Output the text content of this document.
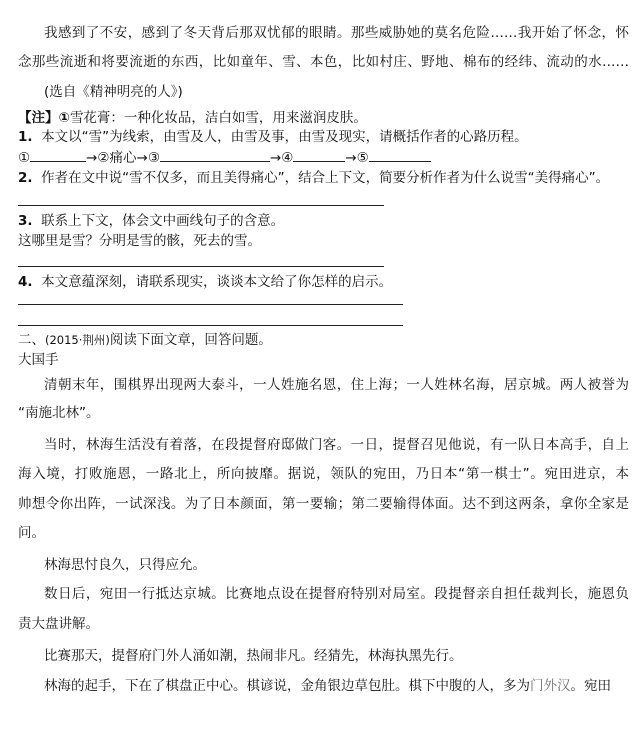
我感到了不安，感到了冬天背后那双忧郁的眼睛。那些威胁她的莫名危险……我开始了怀念，怀
念那些流逝和将要流逝的东西，比如童年、雪、本色，比如村庄、野地、棉布的经纬、流动的水……
(选自《精神明亮的人》)
【注】①雪花膏：一种化妆品，洁白如雪，用来滋润皮肤。
1. 本文以“雪”为线索，由雪及人，由雪及事，由雪及现实，请概括作者的心路历程。
①	→②痛心→③	→④	→⑤
2. 作者在文中说“雪不仅多，而且美得痛心”，结合上下文，简要分析作者为什么说雪“美得痛心”。
3. 联系上下文，体会文中画线句子的含意。
这哪里是雪？分明是雪的骸，死去的雪。
4. 本文意蕴深刻，请联系现实，谈谈本文给了你怎样的启示。
二、(2015·荆州)阅读下面文章，回答问题。
大国手
清朝末年，围棋界出现两大泰斗，一人姓施名恩，住上海；一人姓林名海，居京城。两人被誉为
“南施北林”。
当时，林海生活没有着落，在段提督府邸做门客。一日，提督召见他说，有一队日本高手，自上
海入境，打败施恩，一路北上，所向披靡。据说，领队的宛田，乃日本“第一棋士”。宛田进京，本
帅想令你出阵，一试深浅。为了日本颜面，第一要输；第二要输得体面。达不到这两条，拿你全家是
问。
林海思忖良久，只得应允。
数日后，宛田一行抵达京城。比赛地点设在提督府特别对局室。段提督亲自担任裁判长，施恩负
责大盘讲解。
比赛那天，提督府门外人涌如潮，热闹非凡。经猜先，林海执黑先行。
林海的起手，下在了棋盘正中心。棋谚说，金角银边草包肚。棋下中腹的人，多为门外汉。宛田
